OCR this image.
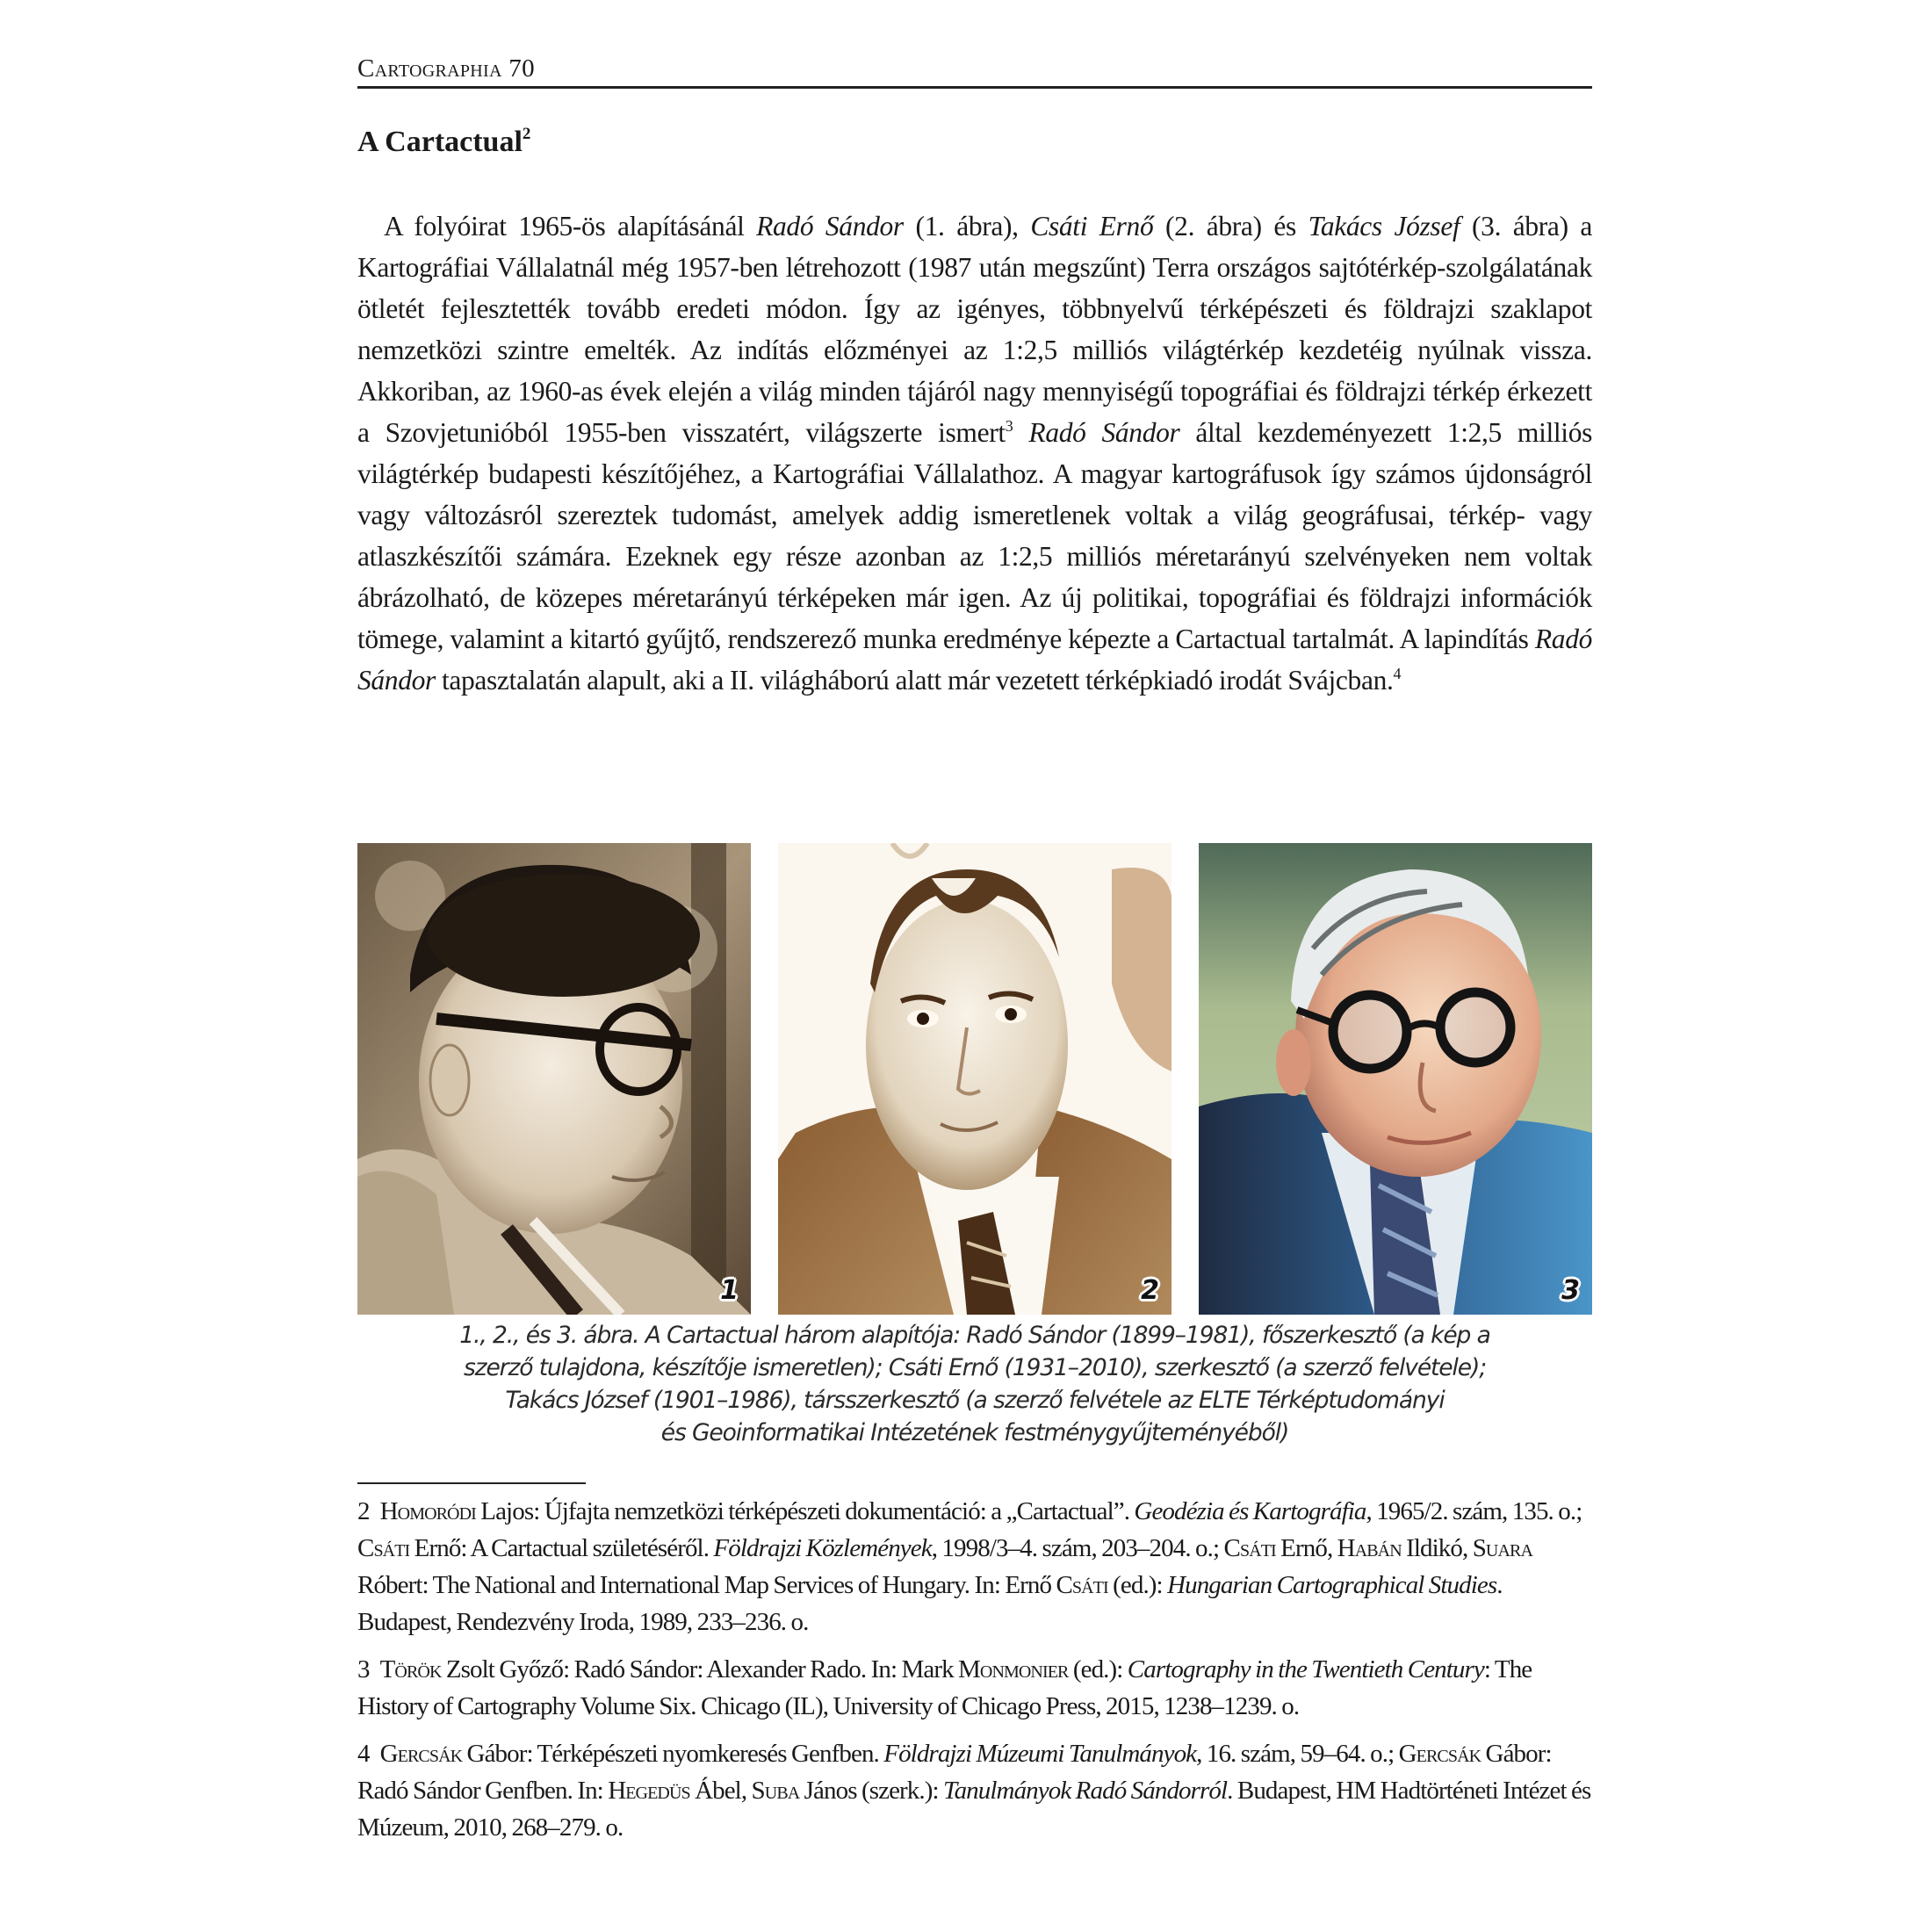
Cartographia 70
A Cartactual$^2$
A folyóirat 1965-ös alapításánál Radó Sándor (1. ábra), Csáti Ernő (2. ábra) és Takács József (3. ábra) a Kartográfiai Vállalatnál még 1957-ben létrehozott (1987 után megszűnt) Terra országos sajtótérkép-szolgálatának ötletét fejlesztették tovább eredeti módon. Így az igényes, többnyelvű térképészeti és földrajzi szaklapot nemzetközi szintre emelték. Az indítás előzményei az 1:2,5 milliós világtérkép kezdetéig nyúlnak vissza. Akkoriban, az 1960-as évek elején a világ minden tájáról nagy mennyiségű topográfiai és földrajzi térkép érkezett a Szovjetunióból 1955-ben visszatért, világszerte ismert$^3$ Radó Sándor által kezdeményezett 1:2,5 milliós világtérkép budapesti készítőjéhez, a Kartográfiai Vállalathoz. A magyar kartográfusok így számos újdonságról vagy változásról szereztek tudomást, amelyek addig ismeretlenek voltak a világ geográfusai, térkép- vagy atlaszkészítői számára. Ezeknek egy része azonban az 1:2,5 milliós méretarányú szelvényeken nem voltak ábrázolható, de közepes méretarányú térképeken már igen. Az új politikai, topográfiai és földrajzi információk tömege, valamint a kitartó gyűjtő, rendszerező munka eredménye képezte a Cartactual tartalmát. A lapindítás Radó Sándor tapasztalatán alapult, aki a II. világháború alatt már vezetett térképkiadó irodát Svájcban.$^4$
1	2	3
1., 2., és 3. ábra. A Cartactual három alapítója: Radó Sándor (1899–1981), főszerkesztő (a kép a
szerző tulajdona, készítője ismeretlen); Csáti Ernő (1931–2010), szerkesztő (a szerző felvétele);
Takács József (1901–1986), társszerkesztő (a szerző felvétele az ELTE Térképtudományi
és Geoinformatikai Intézetének festménygyűjteményéből)
2 Homoródi Lajos: Újfajta nemzetközi térképészeti dokumentáció: a „Cartactual”. Geodézia és Kartográfia, 1965/2. szám, 135. o.; Csáti Ernő: A Cartactual születéséről. Földrajzi Közlemények, 1998/3–4. szám, 203–204. o.; Csáti Ernő, Habán Ildikó, Suara Róbert: The National and International Map Services of Hungary. In: Ernő Csáti (ed.): Hungarian Cartographical Studies. Budapest, Rendezvény Iroda, 1989, 233–236. o.
3 Török Zsolt Győző: Radó Sándor: Alexander Rado. In: Mark Monmonier (ed.): Cartography in the Twentieth Century: The History of Cartography Volume Six. Chicago (IL), University of Chicago Press, 2015, 1238–1239. o.
4 Gercsák Gábor: Térképészeti nyomkeresés Genfben. Földrajzi Múzeumi Tanulmányok, 16. szám, 59–64. o.; Gercsák Gábor: Radó Sándor Genfben. In: Hegedüs Ábel, Suba János (szerk.): Tanulmányok Radó Sándorról. Budapest, HM Hadtörténeti Intézet és Múzeum, 2010, 268–279. o.
